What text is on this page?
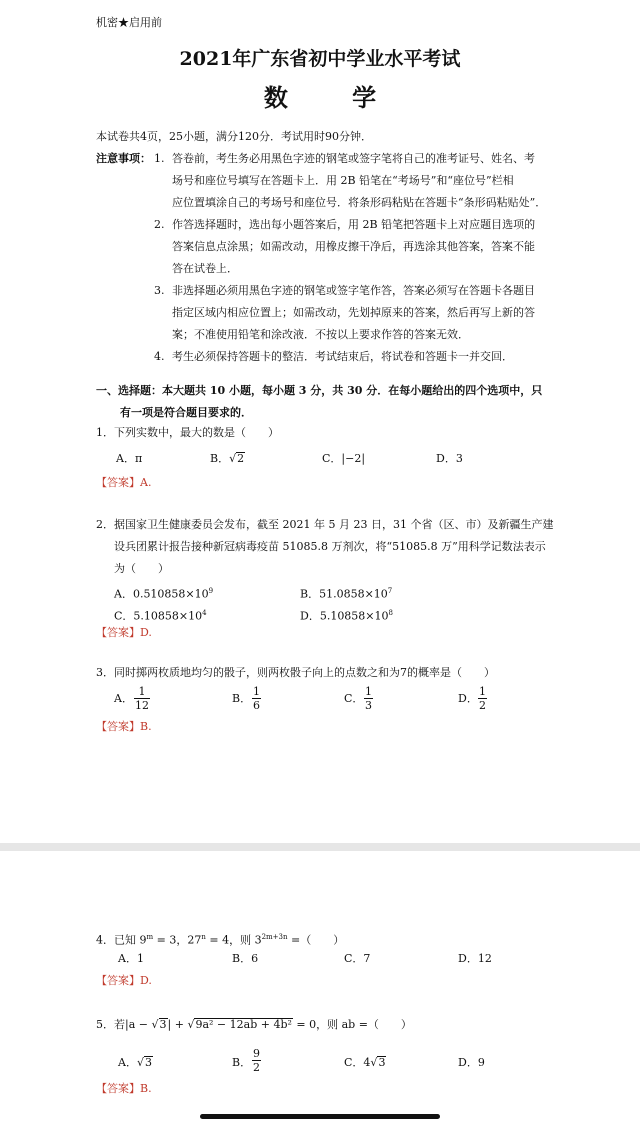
机密★启用前
2021年广东省初中学业水平考试
数 学
本试卷共4页，25小题，满分120分．考试用时90分钟．
注意事项： 1. 答卷前，考生务必用黑色字迹的钢笔或签字笔将自己的准考证号、姓名、考
场号和座位号填写在答题卡上．用 2B 铅笔在“考场号”和“座位号”栏相
应位置填涂自己的考场号和座位号．将条形码粘贴在答题卡“条形码粘贴处”．
2. 作答选择题时，选出每小题答案后，用 2B 铅笔把答题卡上对应题目选项的
答案信息点涂黑；如需改动，用橡皮擦干净后，再选涂其他答案，答案不能
答在试卷上．
3. 非选择题必须用黑色字迹的钢笔或签字笔作答，答案必须写在答题卡各题目
指定区域内相应位置上；如需改动，先划掉原来的答案，然后再写上新的答
案；不准使用铅笔和涂改液．不按以上要求作答的答案无效．
4. 考生必须保持答题卡的整洁．考试结束后，将试卷和答题卡一并交回．
一、选择题：本大题共 10 小题，每小题 3 分，共 30 分．在每小题给出的四个选项中，只
有一项是符合题目要求的．
1．下列实数中，最大的数是（　　）
A．π	B．√2	C．|−2|	D．3
【答案】A.
2．据国家卫生健康委员会发布，截至 2021 年 5 月 23 日，31 个省（区、市）及新疆生产建
设兵团累计报告接种新冠病毒疫苗 51085.8 万剂次，将“51085.8 万”用科学记数法表示
为（　　）
A．$0.510858\times 10^9$	B．$51.0858\times 10^7$
C．$5.10858\times 10^4$	D．$5.10858\times 10^8$
【答案】D.
3．同时掷两枚质地均匀的骰子，则两枚骰子向上的点数之和为7的概率是（　　）
A． $\frac{1}{12}$	B． $\frac{1}{6}$	C． $\frac{1}{3}$	D． $\frac{1}{2}$
【答案】B.
4．已知 $9^m = 3$，$27^n = 4$，则 $3^{2m+3n}$ =（　　）
A．1	B．6	C．7	D．12
【答案】D.
5．若|a − √3| + √9a² − 12ab + 4b² = 0，则 ab =（　　）
A．√3	B． $\frac{9}{2}$	C．4√3	D．9
【答案】B.
